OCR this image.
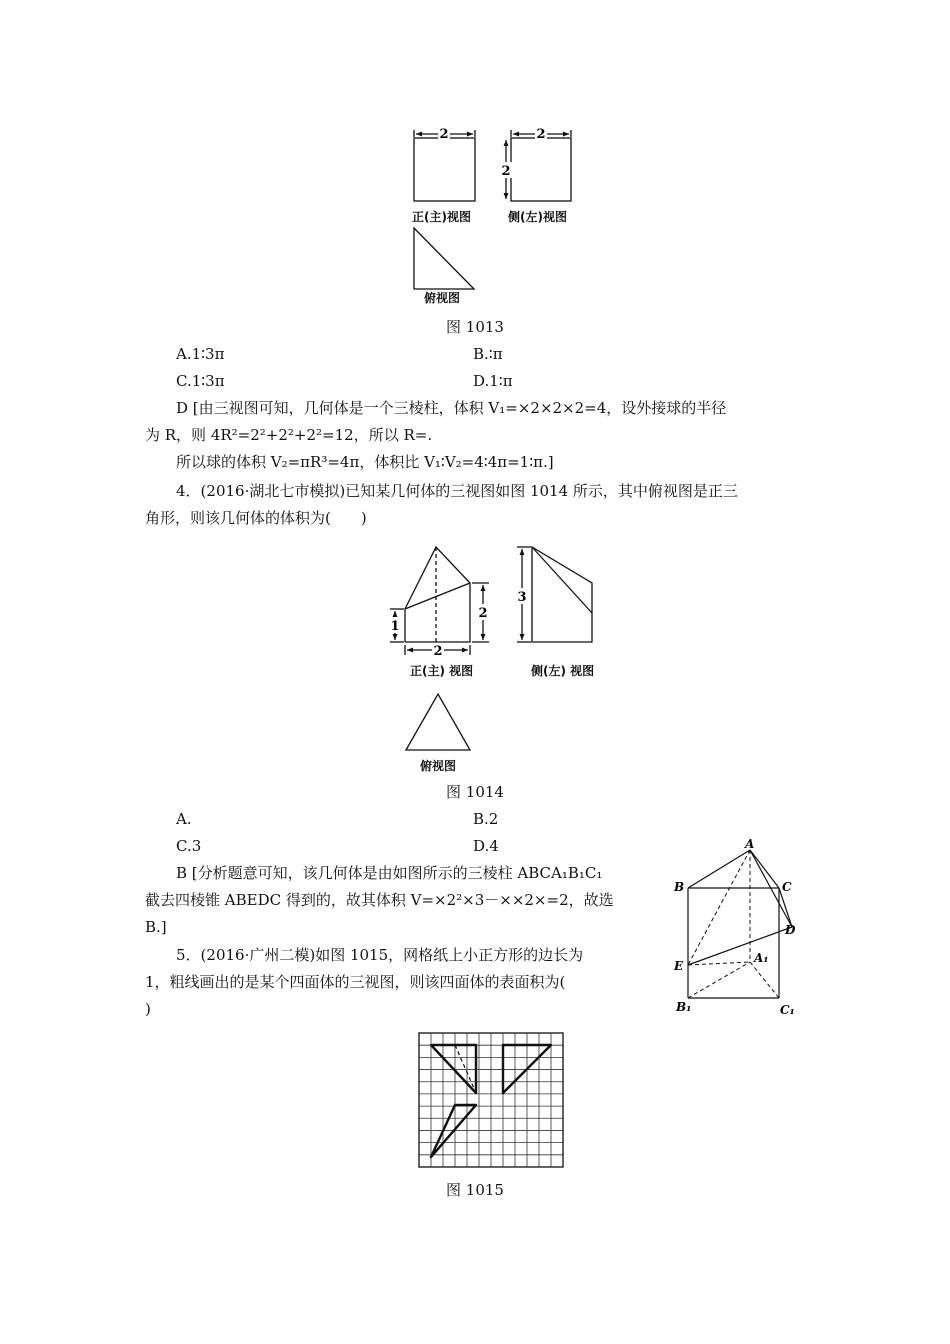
2	2
2
正(主)视图	侧(左)视图
俯视图
图 1013
A.1∶3π	B.∶π
C.1∶3π	D.1∶π
D [由三视图可知，几何体是一个三棱柱，体积 V₁=×2×2×2=4，设外接球的半径
为 R，则 4R²=2²+2²+2²=12，所以 R=.
所以球的体积 V₂=πR³=4π，体积比 V₁∶V₂=4∶4π=1∶π.]
4．(2016·湖北七市模拟)已知某几何体的三视图如图 1014 所示，其中俯视图是正三
角形，则该几何体的体积为(　　)
1
2
2
3
正(主) 视图	侧(左) 视图
俯视图
图 1014
A.	B.2
C.3	D.4
B [分析题意可知，该几何体是由如图所示的三棱柱 ABCA₁B₁C₁
截去四棱锥 ABEDC 得到的，故其体积 V=×2²×3－××2×=2，故选
B.]
A
B	C
D
E
A₁
B₁	C₁
5．(2016·广州二模)如图 1015，网格纸上小正方形的边长为
1，粗线画出的是某个四面体的三视图，则该四面体的表面积为(
)
图 1015
